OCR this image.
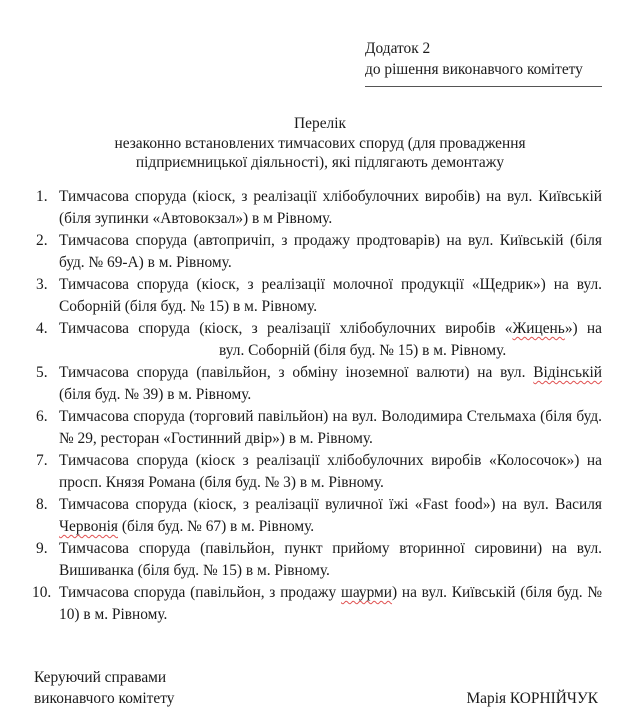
Додаток 2
до рішення виконавчого комітету
Перелік
незаконно встановлених тимчасових споруд (для провадження
підприємницької діяльності), які підлягають демонтажу
1. Тимчасова споруда (кіоск, з реалізації хлібобулочних виробів) на вул. Київській (біля зупинки «Автовокзал») в м Рівному.
2. Тимчасова споруда (автопричіп, з продажу продтоварів) на вул. Київській (біля буд. № 69-А) в м. Рівному.
3. Тимчасова споруда (кіоск, з реалізації молочної продукції «Щедрик») на вул. Соборній (біля буд. № 15) в м. Рівному.
4. Тимчасова споруда (кіоск, з реалізації хлібобулочних виробів «Жицень») навул. Соборній (біля буд. № 15) в м. Рівному.
5. Тимчасова споруда (павільйон, з обміну іноземної валюти) на вул. Відінській (біля буд. № 39) в м. Рівному.
6. Тимчасова споруда (торговий павільйон) на вул. Володимира Стельмаха (біля буд. № 29, ресторан «Гостинний двір») в м. Рівному.
7. Тимчасова споруда (кіоск з реалізації хлібобулочних виробів «Колосочок») на просп. Князя Романа (біля буд. № 3) в м. Рівному.
8. Тимчасова споруда (кіоск, з реалізації вуличної їжі «Fast food») на вул. Василя Червонія (біля буд. № 67) в м. Рівному.
9. Тимчасова споруда (павільйон, пункт прийому вторинної сировини) на вул. Вишиванка (біля буд. № 15) в м. Рівному.
10. Тимчасова споруда (павільйон, з продажу шаурми) на вул. Київській (біля буд. № 10) в м. Рівному.
Керуючий справами
виконавчого комітету	Марія КОРНІЙЧУК
